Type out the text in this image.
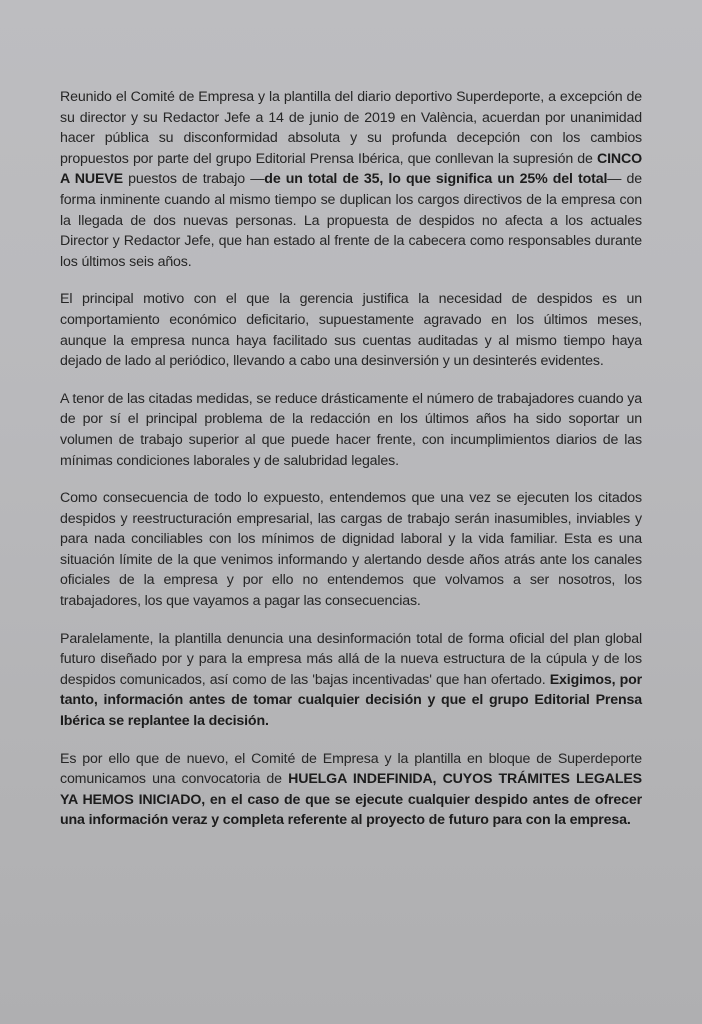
Reunido el Comité de Empresa y la plantilla del diario deportivo Superdeporte, a excepción de su director y su Redactor Jefe a 14 de junio de 2019 en València, acuerdan por unanimidad hacer pública su disconformidad absoluta y su profunda decepción con los cambios propuestos por parte del grupo Editorial Prensa Ibérica, que conllevan la supresión de CINCO A NUEVE puestos de trabajo —de un total de 35, lo que significa un 25% del total— de forma inminente cuando al mismo tiempo se duplican los cargos directivos de la empresa con la llegada de dos nuevas personas. La propuesta de despidos no afecta a los actuales Director y Redactor Jefe, que han estado al frente de la cabecera como responsables durante los últimos seis años.

El principal motivo con el que la gerencia justifica la necesidad de despidos es un comportamiento económico deficitario, supuestamente agravado en los últimos meses, aunque la empresa nunca haya facilitado sus cuentas auditadas y al mismo tiempo haya dejado de lado al periódico, llevando a cabo una desinversión y un desinterés evidentes.

A tenor de las citadas medidas, se reduce drásticamente el número de trabajadores cuando ya de por sí el principal problema de la redacción en los últimos años ha sido soportar un volumen de trabajo superior al que puede hacer frente, con incumplimientos diarios de las mínimas condiciones laborales y de salubridad legales.

Como consecuencia de todo lo expuesto, entendemos que una vez se ejecuten los citados despidos y reestructuración empresarial, las cargas de trabajo serán inasumibles, inviables y para nada conciliables con los mínimos de dignidad laboral y la vida familiar. Esta es una situación límite de la que venimos informando y alertando desde años atrás ante los canales oficiales de la empresa y por ello no entendemos que volvamos a ser nosotros, los trabajadores, los que vayamos a pagar las consecuencias.

Paralelamente, la plantilla denuncia una desinformación total de forma oficial del plan global futuro diseñado por y para la empresa más allá de la nueva estructura de la cúpula y de los despidos comunicados, así como de las 'bajas incentivadas' que han ofertado. Exigimos, por tanto, información antes de tomar cualquier decisión y que el grupo Editorial Prensa Ibérica se replantee la decisión.

Es por ello que de nuevo, el Comité de Empresa y la plantilla en bloque de Superdeporte comunicamos una convocatoria de HUELGA INDEFINIDA, CUYOS TRÁMITES LEGALES YA HEMOS INICIADO, en el caso de que se ejecute cualquier despido antes de ofrecer una información veraz y completa referente al proyecto de futuro para con la empresa.
